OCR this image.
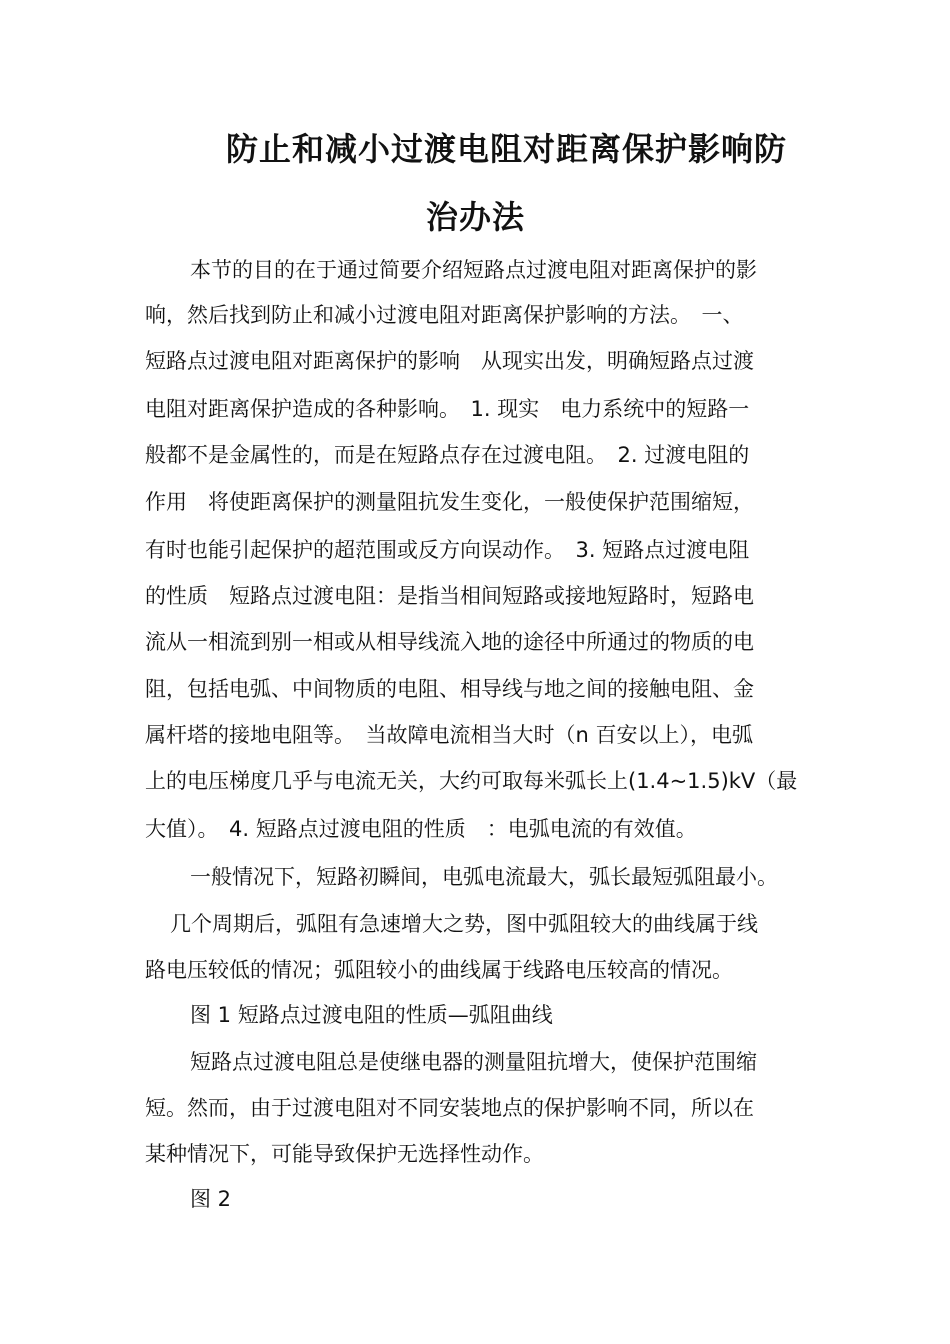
防止和减小过渡电阻对距离保护影响防
治办法
本节的目的在于通过简要介绍短路点过渡电阻对距离保护的影
响，然后找到防止和减小过渡电阻对距离保护影响的方法。　一、
短路点过渡电阻对距离保护的影响　从现实出发，明确短路点过渡
电阻对距离保护造成的各种影响。　1. 现实　电力系统中的短路一
般都不是金属性的，而是在短路点存在过渡电阻。　2. 过渡电阻的
作用　将使距离保护的测量阻抗发生变化，一般使保护范围缩短，
有时也能引起保护的超范围或反方向误动作。　3. 短路点过渡电阻
的性质　短路点过渡电阻：是指当相间短路或接地短路时，短路电
流从一相流到别一相或从相导线流入地的途径中所通过的物质的电
阻，包括电弧、中间物质的电阻、相导线与地之间的接触电阻、金
属杆塔的接地电阻等。　当故障电流相当大时（n 百安以上），电弧
上的电压梯度几乎与电流无关，大约可取每米弧长上(1.4~1.5)kV（最
大值）。　4. 短路点过渡电阻的性质　：电弧电流的有效值。
一般情况下，短路初瞬间，电弧电流最大，弧长最短弧阻最小。
几个周期后，弧阻有急速增大之势，图中弧阻较大的曲线属于线
路电压较低的情况；弧阻较小的曲线属于线路电压较高的情况。
图 1 短路点过渡电阻的性质—弧阻曲线
短路点过渡电阻总是使继电器的测量阻抗增大，使保护范围缩
短。然而，由于过渡电阻对不同安装地点的保护影响不同，所以在
某种情况下，可能导致保护无选择性动作。
图 2
